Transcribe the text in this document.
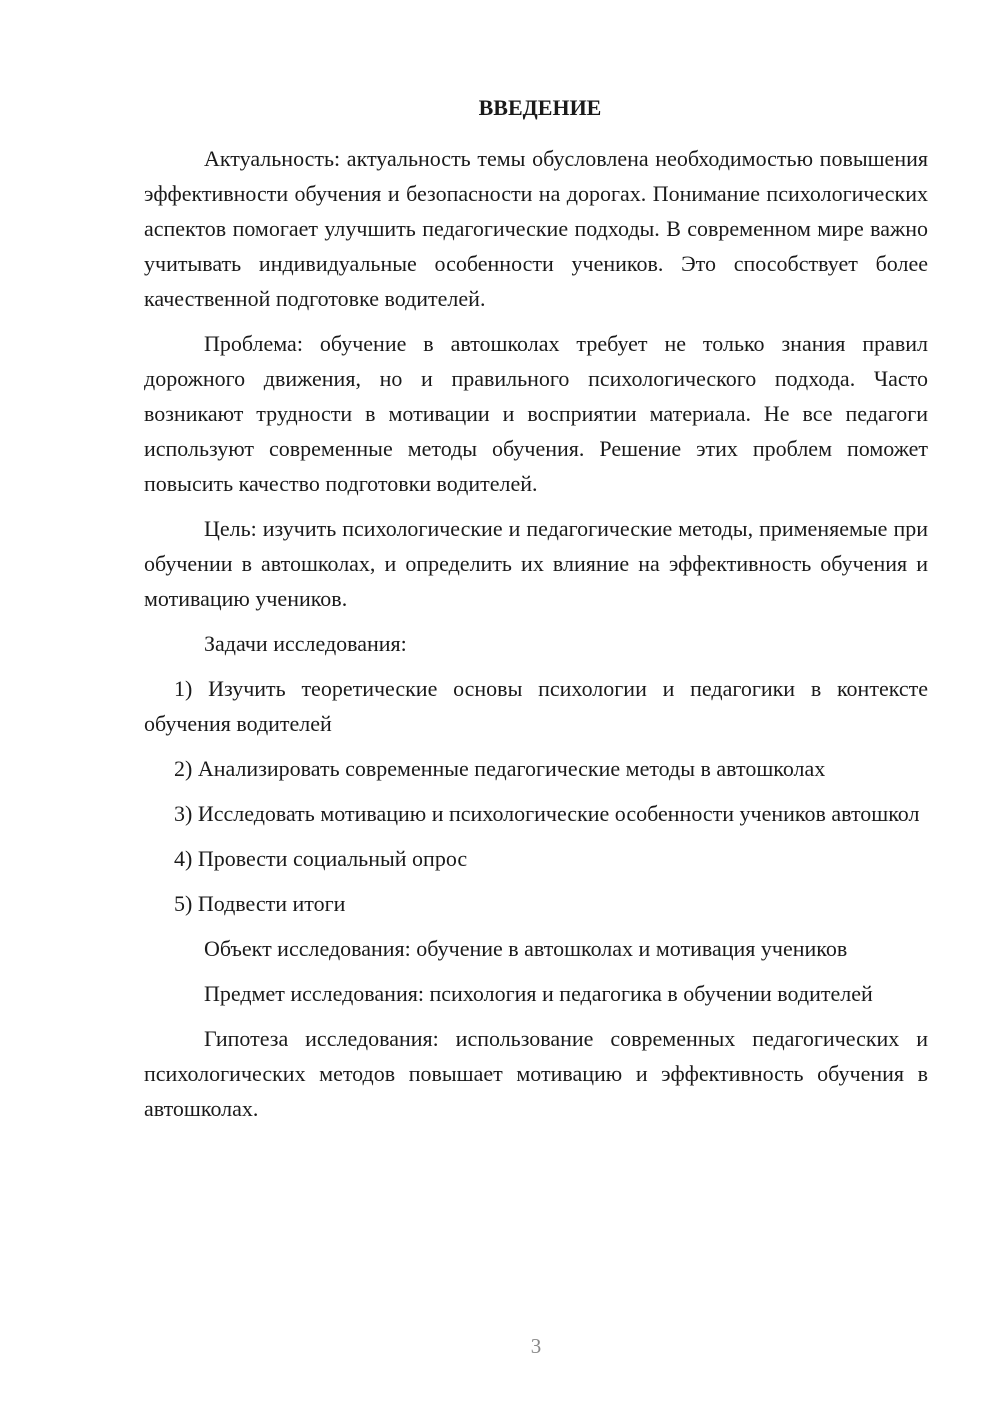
ВВЕДЕНИЕ

Актуальность: актуальность темы обусловлена необходимостью повышения эффективности обучения и безопасности на дорогах. Понимание психологических аспектов помогает улучшить педагогические подходы. В современном мире важно учитывать индивидуальные особенности учеников. Это способствует более качественной подготовке водителей.

Проблема: обучение в автошколах требует не только знания правил дорожного движения, но и правильного психологического подхода. Часто возникают трудности в мотивации и восприятии материала. Не все педагоги используют современные методы обучения. Решение этих проблем поможет повысить качество подготовки водителей.

Цель: изучить психологические и педагогические методы, применяемые при обучении в автошколах, и определить их влияние на эффективность обучения и мотивацию учеников.

Задачи исследования:

1) Изучить теоретические основы психологии и педагогики в контексте обучения водителей

2) Анализировать современные педагогические методы в автошколах

3) Исследовать мотивацию и психологические особенности учеников автошкол

4) Провести социальный опрос

5) Подвести итоги

Объект исследования: обучение в автошколах и мотивация учеников

Предмет исследования: психология и педагогика в обучении водителей

Гипотеза исследования: использование современных педагогических и психологических методов повышает мотивацию и эффективность обучения в автошколах.

3
